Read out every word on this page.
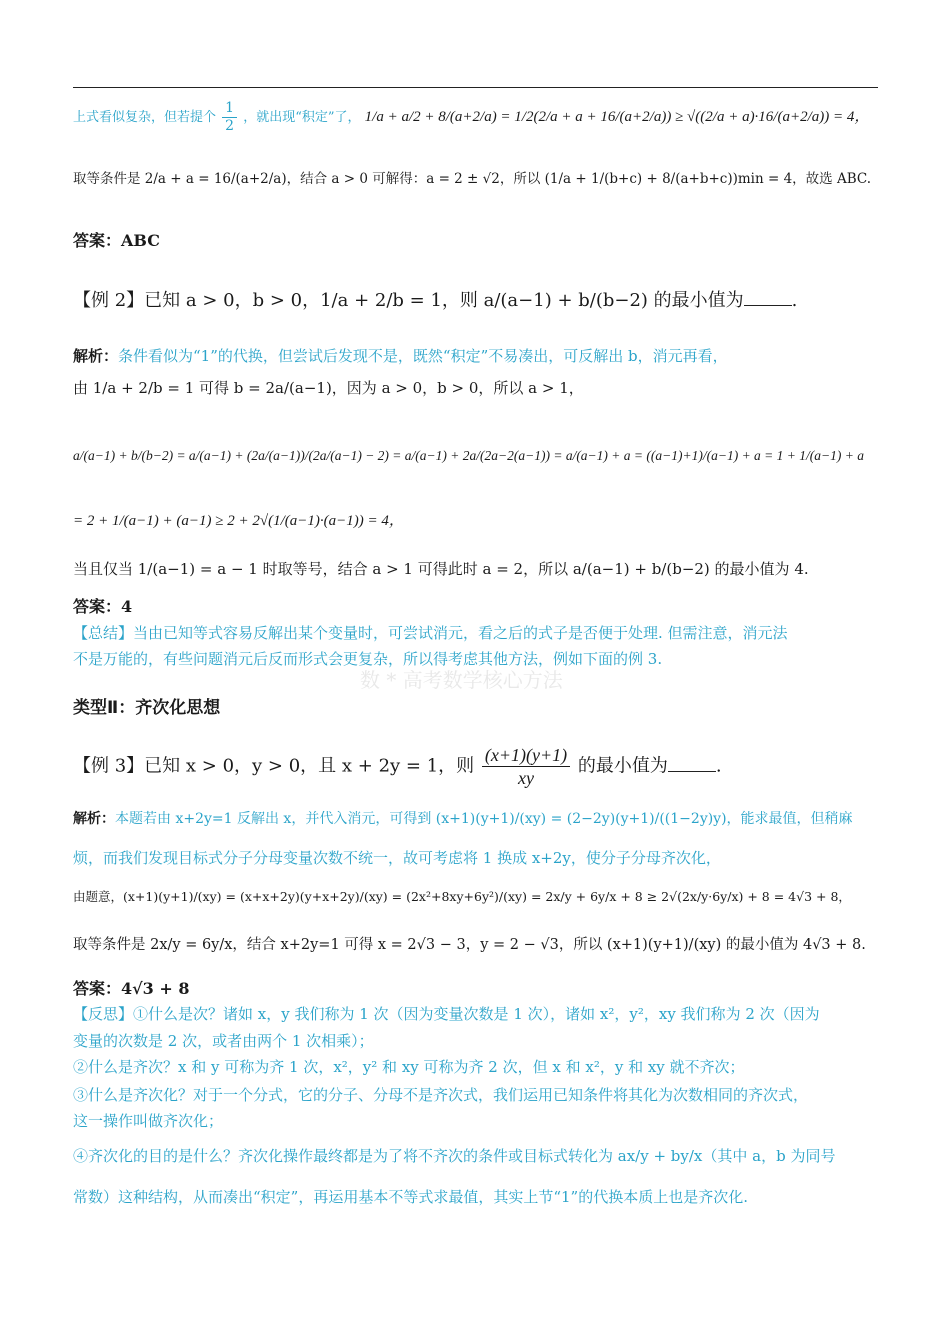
上式看似复杂，但若提个 $\frac{1}{2}$ ，就出现“积定”了， 1/a + a/2 + 8/(a+2/a) = 1/2(2/a + a + 16/(a+2/a)) ≥ √((2/a + a)·16/(a+2/a)) = 4，
取等条件是 2/a + a = 16/(a+2/a)，结合 a > 0 可解得：a = 2 ± √2，所以 (1/a + 1/(b+c) + 8/(a+b+c))min = 4，故选 ABC.
答案：ABC
【例 2】已知 a > 0，b > 0，1/a + 2/b = 1，则 a/(a−1) + b/(b−2) 的最小值为	.
解析：条件看似为“1”的代换，但尝试后发现不是，既然“积定”不易凑出，可反解出 b，消元再看，
由 1/a + 2/b = 1 可得 b = 2a/(a−1)，因为 a > 0，b > 0，所以 a > 1，
a/(a−1) + b/(b−2) = a/(a−1) + (2a/(a−1))/(2a/(a−1) − 2) = a/(a−1) + 2a/(2a−2(a−1)) = a/(a−1) + a = ((a−1)+1)/(a−1) + a = 1 + 1/(a−1) + a
= 2 + 1/(a−1) + (a−1) ≥ 2 + 2√(1/(a−1)·(a−1)) = 4，
当且仅当 1/(a−1) = a − 1 时取等号，结合 a > 1 可得此时 a = 2，所以 a/(a−1) + b/(b−2) 的最小值为 4.
答案：4
【总结】当由已知等式容易反解出某个变量时，可尝试消元，看之后的式子是否便于处理. 但需注意，消元法
不是万能的，有些问题消元后反而形式会更复杂，所以得考虑其他方法，例如下面的例 3.
数 * 高考数学核心方法
类型Ⅱ：齐次化思想
【例 3】已知 x > 0，y > 0，且 x + 2y = 1，则 $\frac{(x+1)(y+1)}{xy}$ 的最小值为	.
解析：本题若由 x+2y=1 反解出 x，并代入消元，可得到 (x+1)(y+1)/(xy) = (2−2y)(y+1)/((1−2y)y)，能求最值，但稍麻
烦，而我们发现目标式分子分母变量次数不统一，故可考虑将 1 换成 x+2y，使分子分母齐次化，
由题意，(x+1)(y+1)/(xy) = (x+x+2y)(y+x+2y)/(xy) = (2x²+8xy+6y²)/(xy) = 2x/y + 6y/x + 8 ≥ 2√(2x/y·6y/x) + 8 = 4√3 + 8，
取等条件是 2x/y = 6y/x，结合 x+2y=1 可得 x = 2√3 − 3，y = 2 − √3，所以 (x+1)(y+1)/(xy) 的最小值为 4√3 + 8.
答案：4√3 + 8
【反思】①什么是次？诸如 x，y 我们称为 1 次（因为变量次数是 1 次），诸如 x²，y²，xy 我们称为 2 次（因为
变量的次数是 2 次，或者由两个 1 次相乘）；
②什么是齐次？x 和 y 可称为齐 1 次，x²，y² 和 xy 可称为齐 2 次，但 x 和 x²，y 和 xy 就不齐次；
③什么是齐次化？对于一个分式，它的分子、分母不是齐次式，我们运用已知条件将其化为次数相同的齐次式，
这一操作叫做齐次化；
④齐次化的目的是什么？齐次化操作最终都是为了将不齐次的条件或目标式转化为 ax/y + by/x（其中 a，b 为同号
常数）这种结构，从而凑出“积定”，再运用基本不等式求最值，其实上节“1”的代换本质上也是齐次化.
